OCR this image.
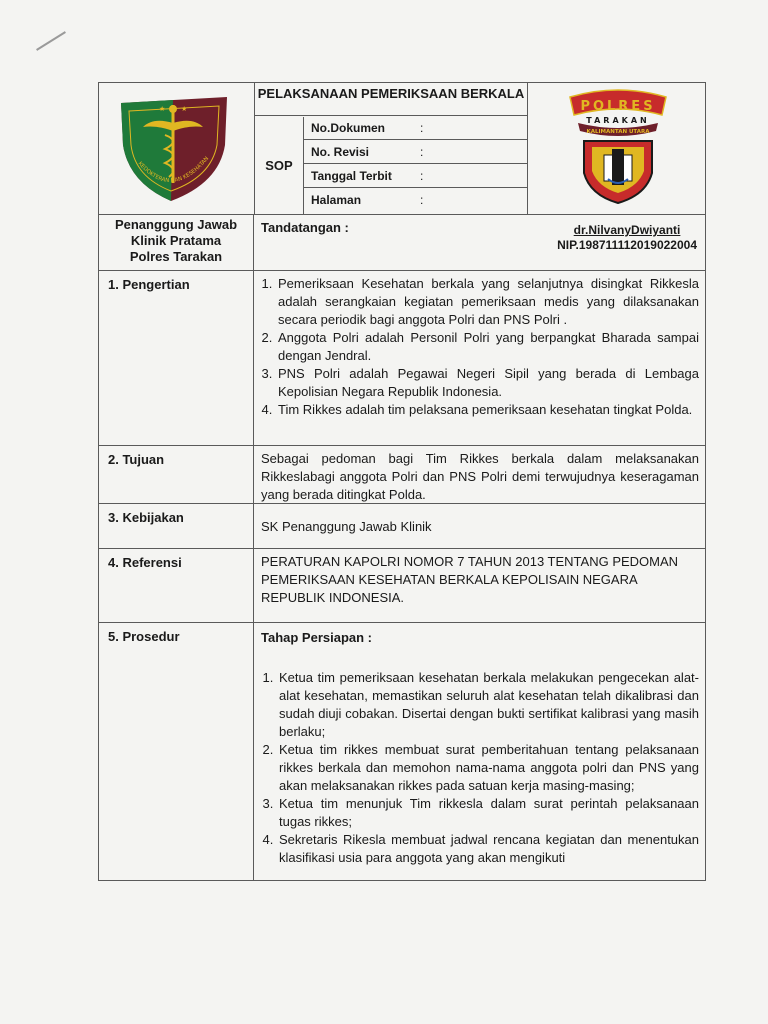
★ ★
KEDOKTERAN DAN KESEHATAN
PELAKSANAAN PEMERIKSAAN BERKALA
SOP
No.Dokumen	:
No. Revisi	:
Tanggal Terbit :
Halaman	:
POLRES
TARAKAN
KALIMANTAN UTARA
Penanggung Jawab
Klinik Pratama
Polres Tarakan
Tandatangan :	dr.NilvanyDwiyanti
NIP.198711112019022004
1. Pengertian
1.	Pemeriksaan Kesehatan berkala yang selanjutnya disingkat Rikkesla adalah serangkaian kegiatan pemeriksaan medis yang dilaksanakan secara periodik bagi anggota Polri dan PNS Polri .
2. Anggota Polri adalah Personil Polri yang berpangkat Bharada sampai dengan Jendral.
3. PNS Polri adalah Pegawai Negeri Sipil yang berada di Lembaga Kepolisian Negara Republik Indonesia.
4. Tim Rikkes adalah tim pelaksana pemeriksaan kesehatan tingkat Polda.
2. Tujuan	Sebagai pedoman bagi Tim Rikkes berkala dalam melaksanakan Rikkeslabagi anggota Polri dan PNS Polri demi terwujudnya keseragaman yang berada ditingkat Polda.
3. Kebijakan
SK Penanggung Jawab Klinik
4. Referensi	PERATURAN KAPOLRI NOMOR 7 TAHUN 2013 TENTANG PEDOMAN PEMERIKSAAN KESEHATAN BERKALA KEPOLISAIN NEGARA REPUBLIK INDONESIA.
5. Prosedur	Tahap Persiapan :
1. Ketua tim pemeriksaan kesehatan berkala melakukan pengecekan alat-alat kesehatan, memastikan seluruh alat kesehatan telah dikalibrasi dan sudah diuji cobakan. Disertai dengan bukti sertifikat kalibrasi yang masih berlaku;
2. Ketua tim rikkes membuat surat pemberitahuan tentang pelaksanaan rikkes berkala dan memohon nama-nama anggota polri dan PNS yang akan melaksanakan rikkes pada satuan kerja masing-masing;
3. Ketua tim menunjuk Tim rikkesla dalam surat perintah pelaksanaan tugas rikkes;
4. Sekretaris Rikesla membuat jadwal rencana kegiatan dan menentukan klasifikasi usia para anggota yang akan mengikuti
